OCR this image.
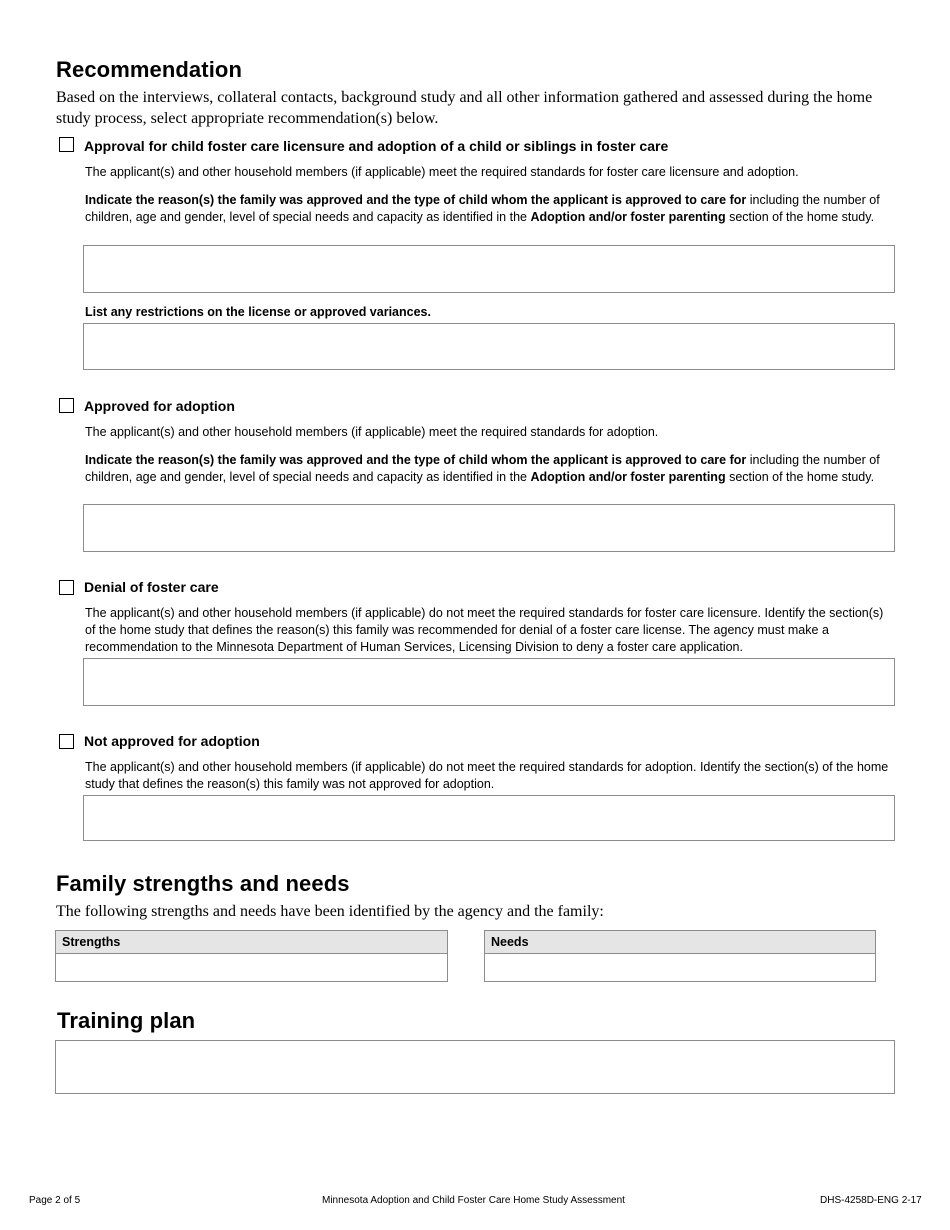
Recommendation
Based on the interviews, collateral contacts, background study and all other information gathered and assessed during the home study process, select appropriate recommendation(s) below.
Approval for child foster care licensure and adoption of a child or siblings in foster care
The applicant(s) and other household members (if applicable) meet the required standards for foster care licensure and adoption.
Indicate the reason(s) the family was approved and the type of child whom the applicant is approved to care for including the number of children, age and gender, level of special needs and capacity as identified in the Adoption and/or foster parenting section of the home study.
List any restrictions on the license or approved variances.
Approved for adoption
The applicant(s) and other household members (if applicable) meet the required standards for adoption.
Indicate the reason(s) the family was approved and the type of child whom the applicant is approved to care for including the number of children, age and gender, level of special needs and capacity as identified in the Adoption and/or foster parenting section of the home study.
Denial of foster care
The applicant(s) and other household members (if applicable) do not meet the required standards for foster care licensure. Identify the section(s) of the home study that defines the reason(s) this family was recommended for denial of a foster care license. The agency must make a recommendation to the Minnesota Department of Human Services, Licensing Division to deny a foster care application.
Not approved for adoption
The applicant(s) and other household members (if applicable) do not meet the required standards for adoption. Identify the section(s) of the home study that defines the reason(s) this family was not approved for adoption.
Family strengths and needs
The following strengths and needs have been identified by the agency and the family:
Strengths	Needs
Training plan
Page 2 of 5	Minnesota Adoption and Child Foster Care Home Study Assessment	DHS-4258D-ENG 2-17
